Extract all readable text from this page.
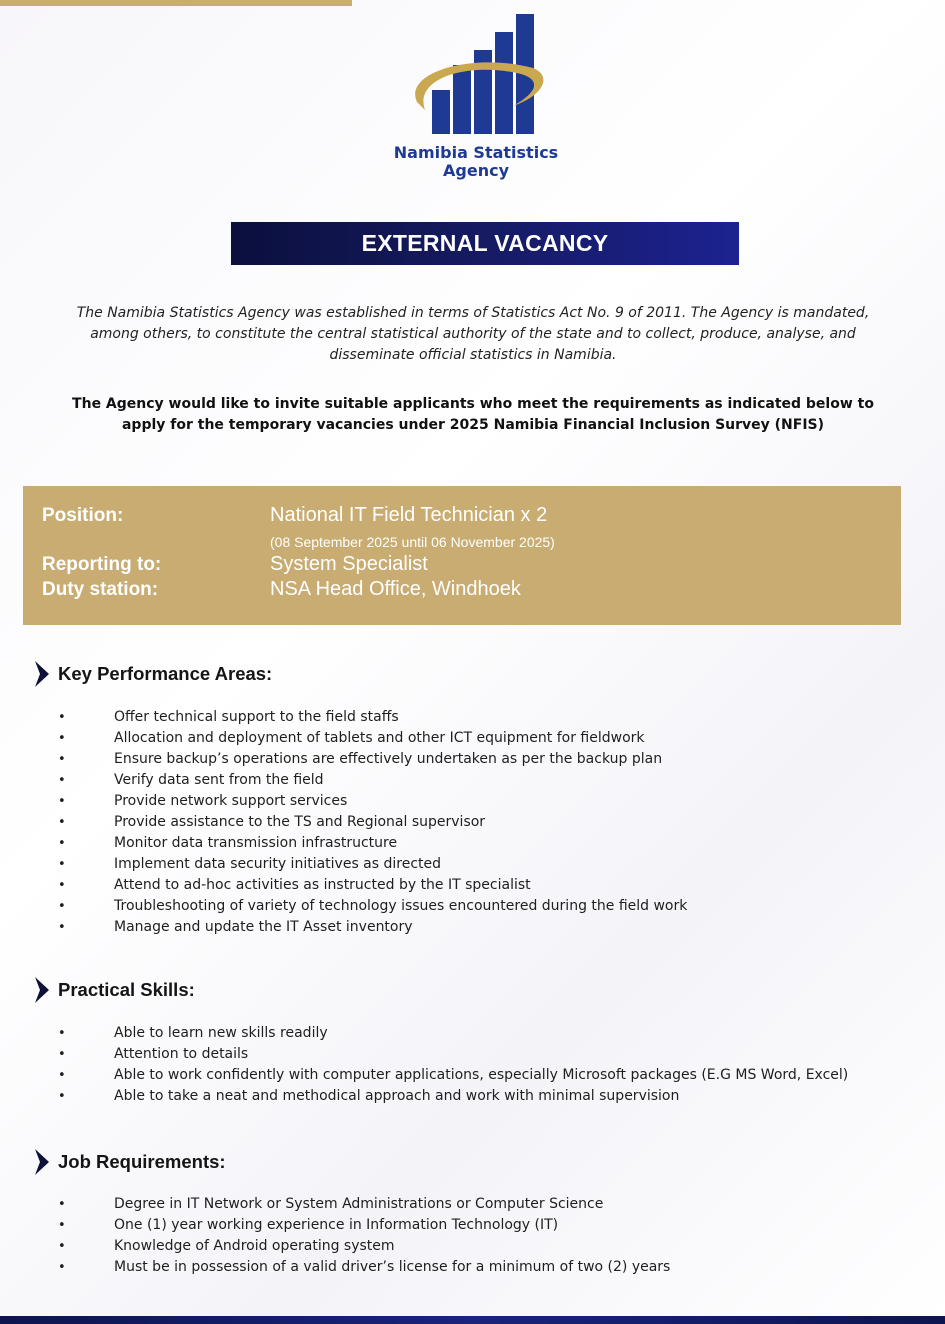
Namibia Statistics
Agency
EXTERNAL VACANCY
The Namibia Statistics Agency was established in terms of Statistics Act No. 9 of 2011. The Agency is mandated, among others, to constitute the central statistical authority of the state and to collect, produce, analyse, and disseminate official statistics in Namibia.
The Agency would like to invite suitable applicants who meet the requirements as indicated below to apply for the temporary vacancies under 2025 Namibia Financial Inclusion Survey (NFIS)
Position:	National IT Field Technician x 2
(08 September 2025 until 06 November 2025)
Reporting to:	System Specialist
Duty station:	NSA Head Office, Windhoek
Key Performance Areas:
•	Offer technical support to the field staffs
•	Allocation and deployment of tablets and other ICT equipment for fieldwork
•	Ensure backup’s operations are effectively undertaken as per the backup plan
•	Verify data sent from the field
•	Provide network support services
•	Provide assistance to the TS and Regional supervisor
•	Monitor data transmission infrastructure
•	Implement data security initiatives as directed
•	Attend to ad-hoc activities as instructed by the IT specialist
•	Troubleshooting of variety of technology issues encountered during the field work
•	Manage and update the IT Asset inventory
Practical Skills:
•	Able to learn new skills readily
•	Attention to details
•	Able to work confidently with computer applications, especially Microsoft packages (E.G MS Word, Excel)
•	Able to take a neat and methodical approach and work with minimal supervision
Job Requirements:
•	Degree in IT Network or System Administrations or Computer Science
•	One (1) year working experience in Information Technology (IT)
•	Knowledge of Android operating system
•	Must be in possession of a valid driver’s license for a minimum of two (2) years
